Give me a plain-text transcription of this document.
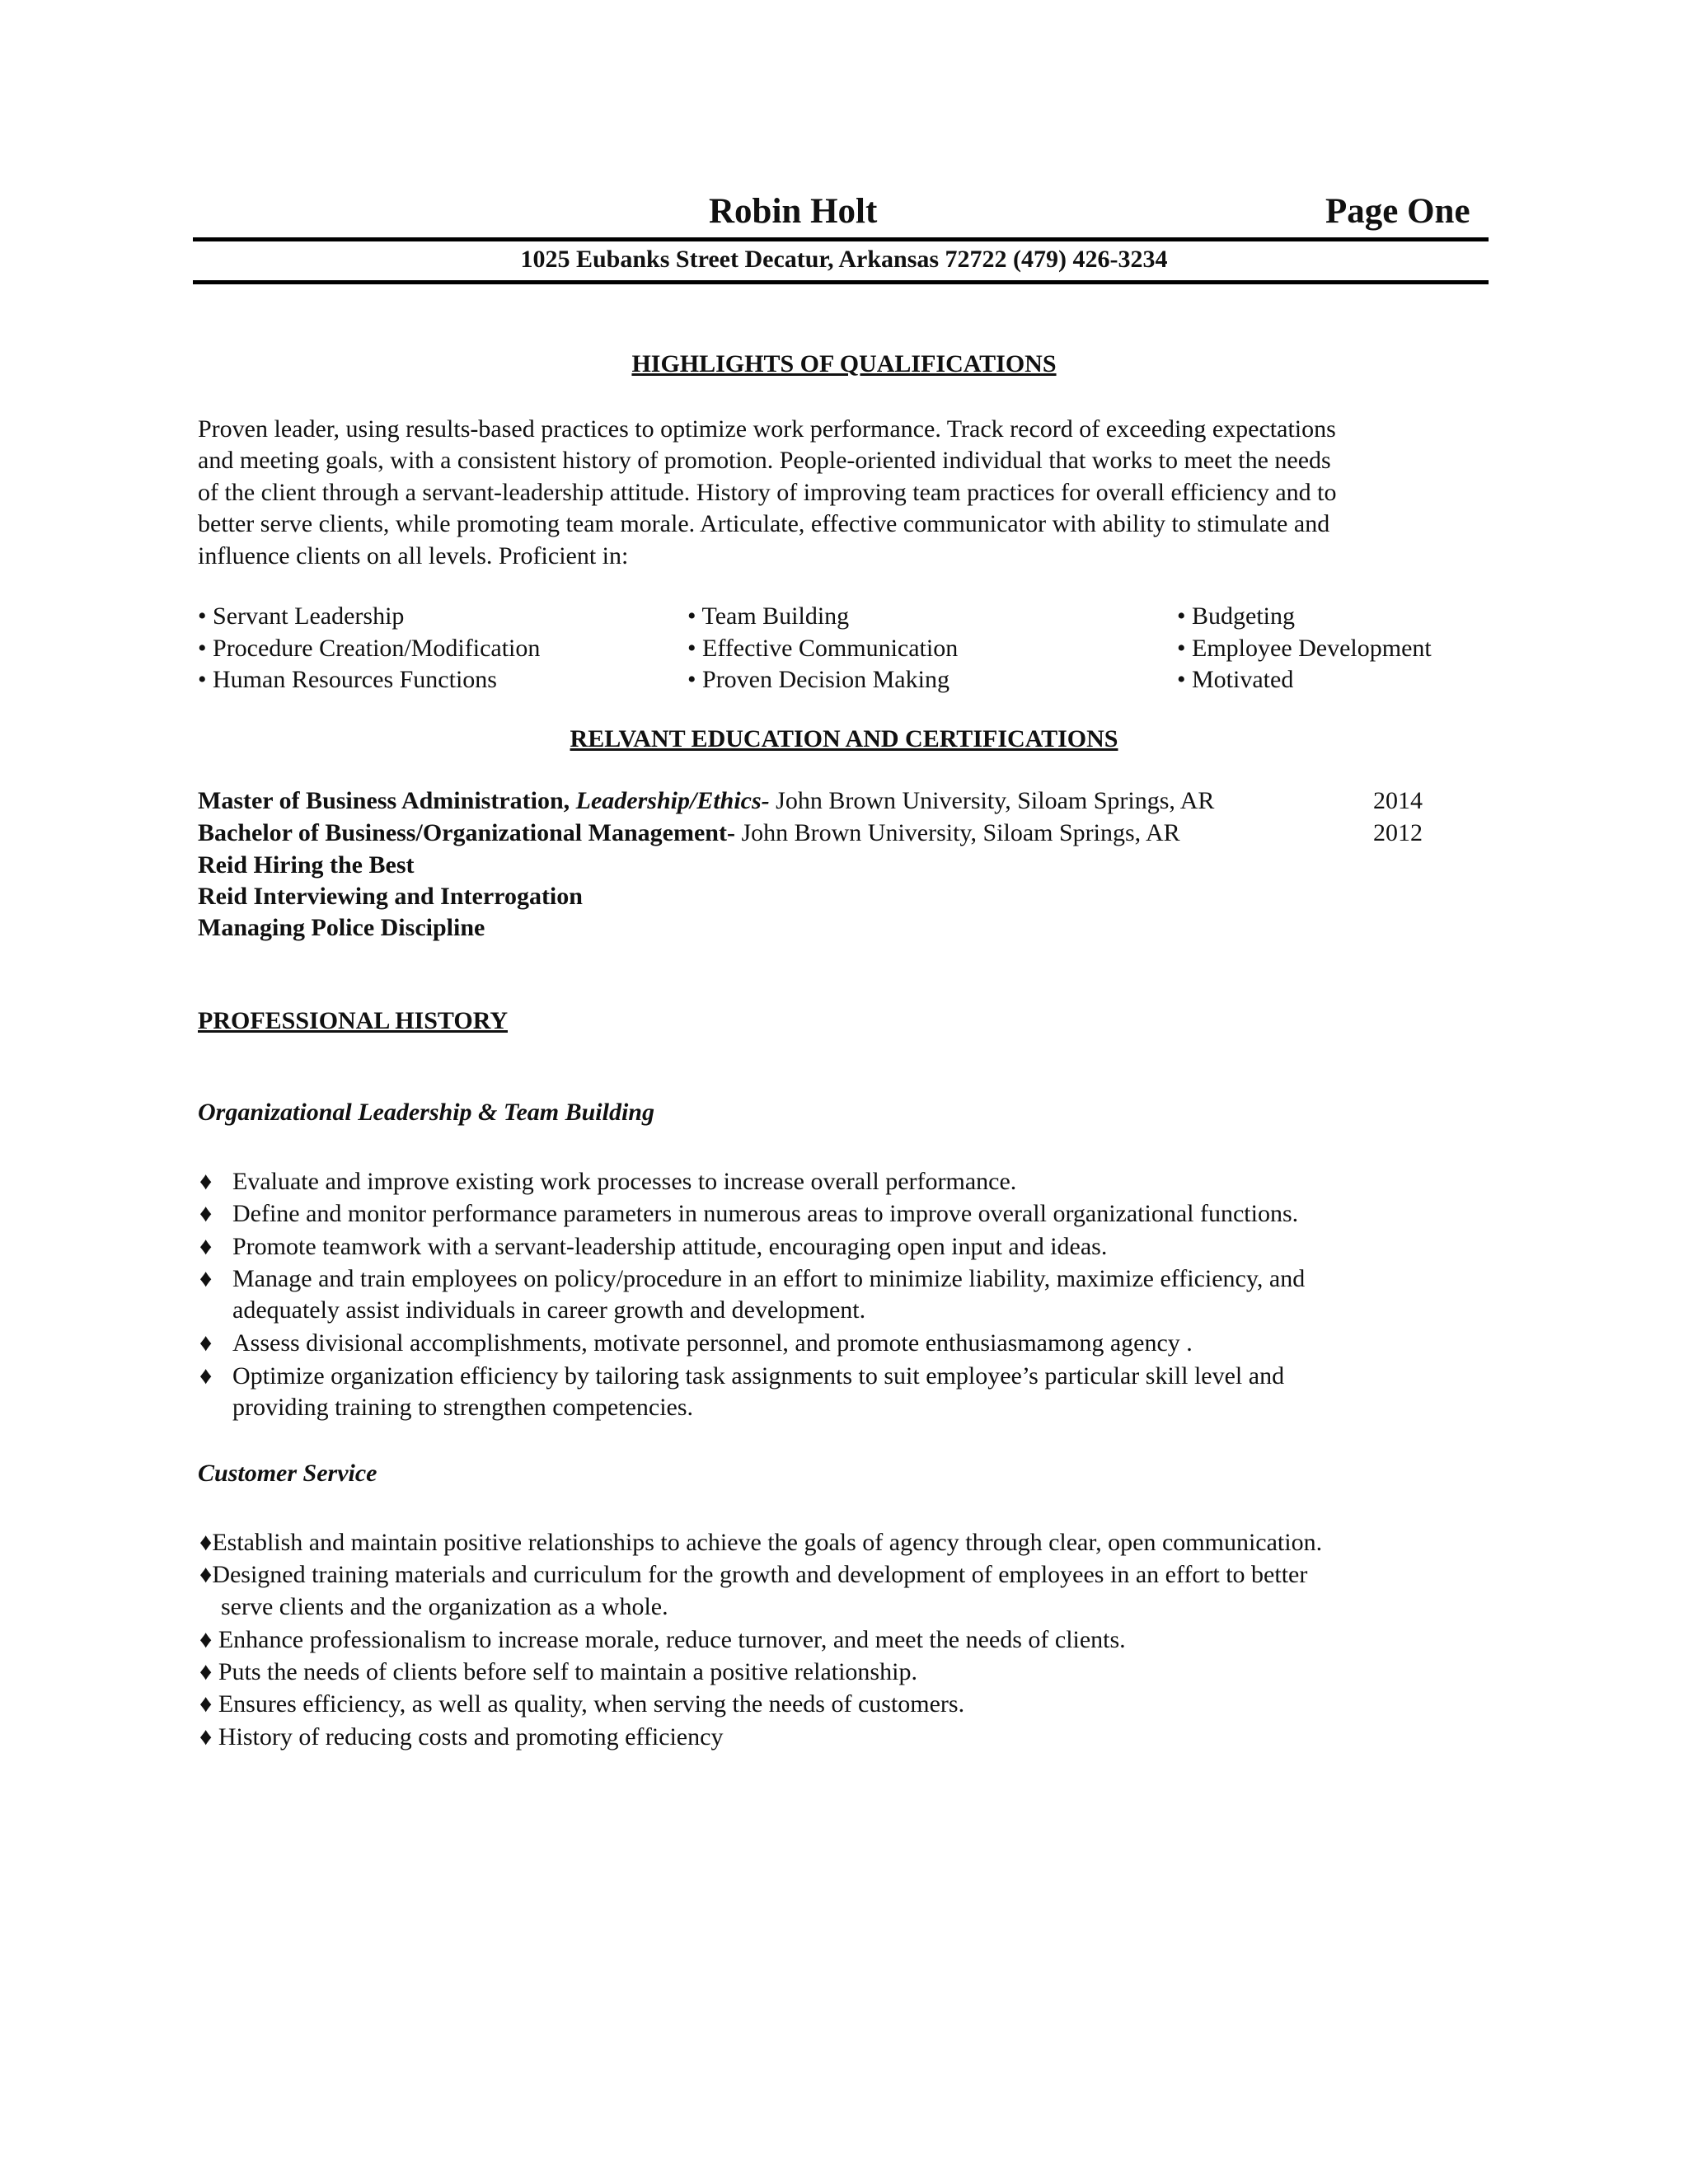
Robin Holt	Page One
1025 Eubanks Street Decatur, Arkansas 72722 (479) 426-3234
HIGHLIGHTS OF QUALIFICATIONS

Proven leader, using results-based practices to optimize work performance. Track record of exceeding expectations

and meeting goals, with a consistent history of promotion. People-oriented individual that works to meet the needs

of the client through a servant-leadership attitude. History of improving team practices for overall efficiency and to

better serve clients, while promoting team morale. Articulate, effective communicator with ability to stimulate and

influence clients on all levels. Proficient in:

• Servant Leadership
• Procedure Creation/Modification
• Human Resources Functions
• Team Building
• Effective Communication
• Proven Decision Making
• Budgeting
• Employee Development
• Motivated
RELVANT EDUCATION AND CERTIFICATIONS
Master of Business Administration, Leadership/Ethics- John Brown University, Siloam Springs, AR	2014
Bachelor of Business/Organizational Management- John Brown University, Siloam Springs, AR	2012
Reid Hiring the Best
Reid Interviewing and Interrogation
Managing Police Discipline
PROFESSIONAL HISTORY
Organizational Leadership & Team Building
♦ Evaluate and improve existing work processes to increase overall performance.
♦ Define and monitor performance parameters in numerous areas to improve overall organizational functions.
♦ Promote teamwork with a servant-leadership attitude, encouraging open input and ideas.
♦ Manage and train employees on policy/procedure in an effort to minimize liability, maximize efficiency, and
adequately assist individuals in career growth and development.
♦ Assess divisional accomplishments, motivate personnel, and promote enthusiasmamong agency .
♦ Optimize organization efficiency by tailoring task assignments to suit employee’s particular skill level and
providing training to strengthen competencies.
Customer Service
♦Establish and maintain positive relationships to achieve the goals of agency through clear, open communication.
♦Designed training materials and curriculum for the growth and development of employees in an effort to better
serve clients and the organization as a whole.
♦ Enhance professionalism to increase morale, reduce turnover, and meet the needs of clients.
♦ Puts the needs of clients before self to maintain a positive relationship.
♦ Ensures efficiency, as well as quality, when serving the needs of customers.
♦ History of reducing costs and promoting efficiency
